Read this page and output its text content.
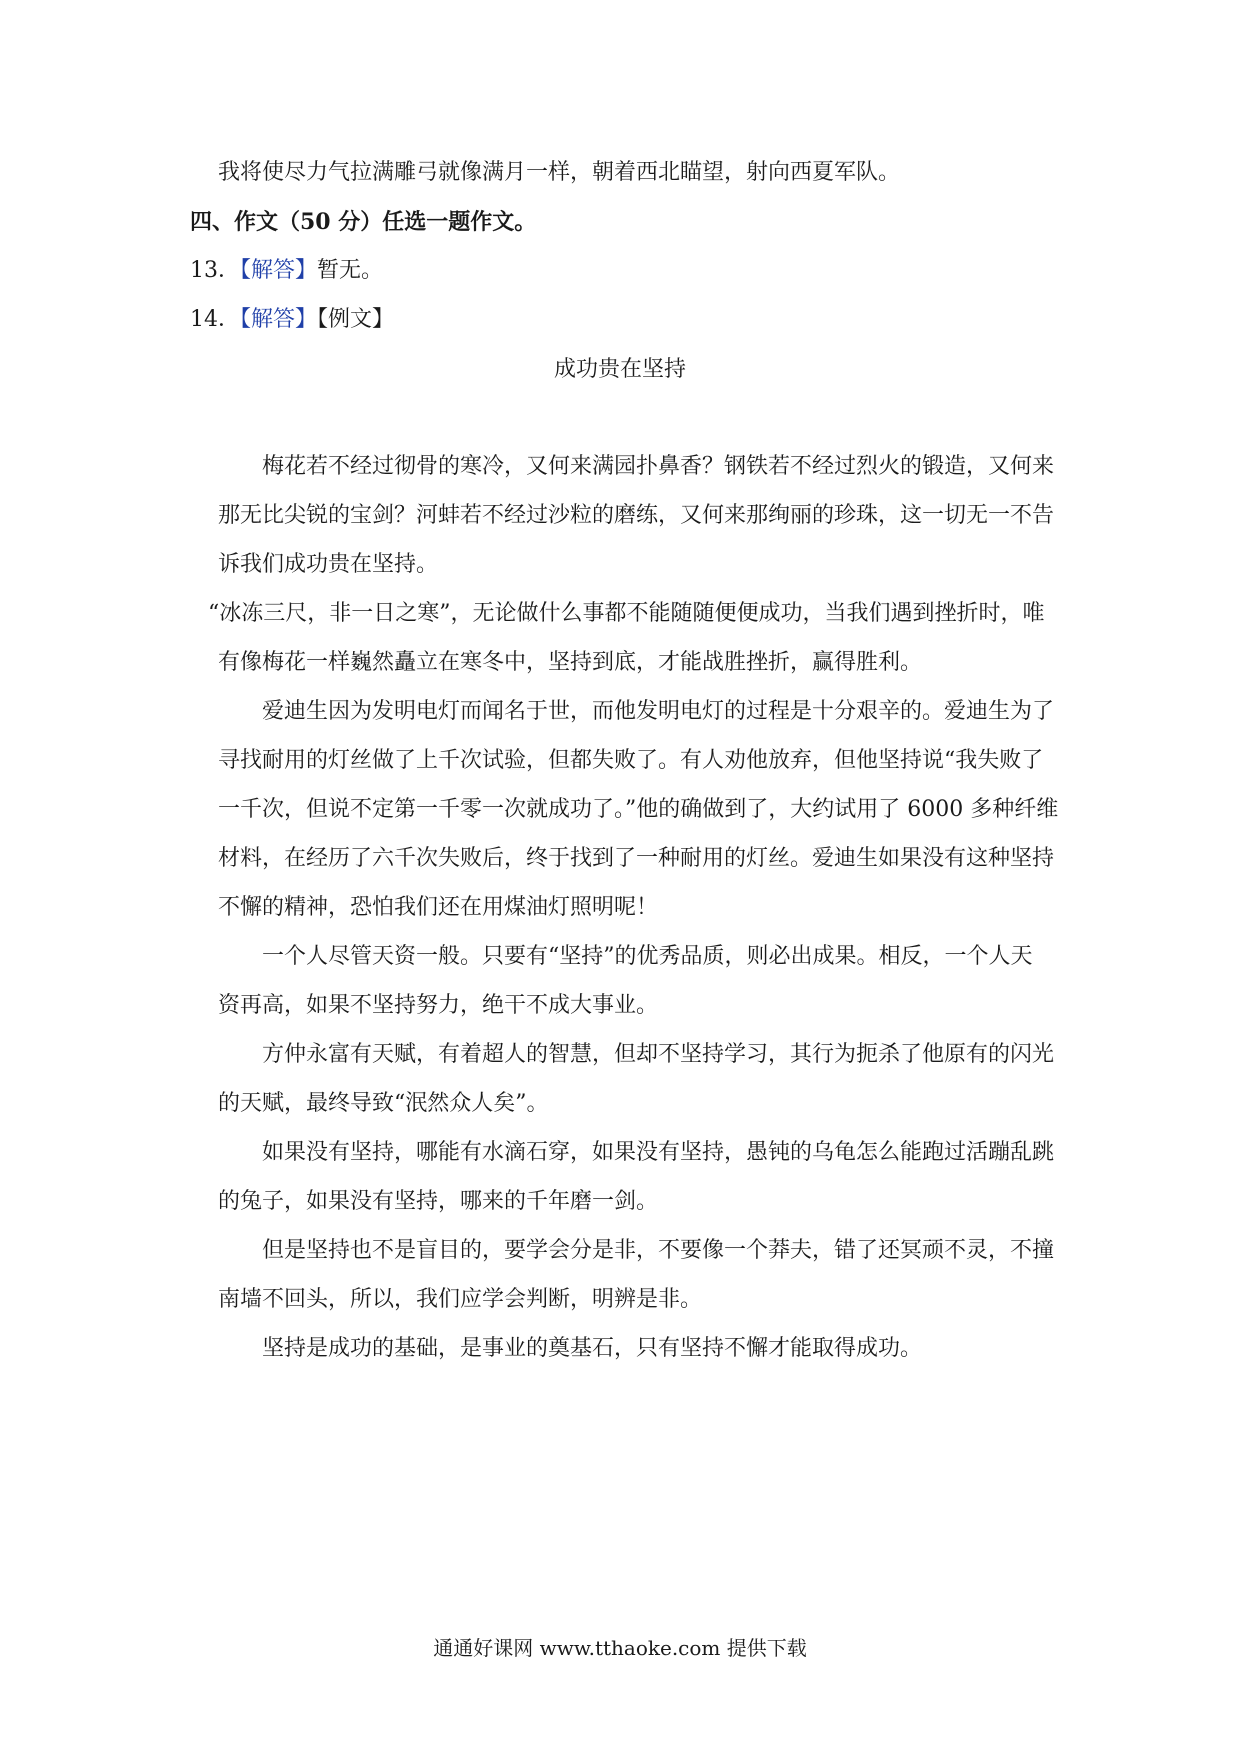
我将使尽力气拉满雕弓就像满月一样，朝着西北瞄望，射向西夏军队。
四、作文（50 分）任选一题作文。
13．【解答】暂无。
14．【解答】【例文】
成功贵在坚持
梅花若不经过彻骨的寒冷，又何来满园扑鼻香？钢铁若不经过烈火的锻造，又何来
那无比尖锐的宝剑？河蚌若不经过沙粒的磨练，又何来那绚丽的珍珠，这一切无一不告
诉我们成功贵在坚持。
“冰冻三尺，非一日之寒”，无论做什么事都不能随随便便成功，当我们遇到挫折时，唯
有像梅花一样巍然矗立在寒冬中，坚持到底，才能战胜挫折，赢得胜利。
爱迪生因为发明电灯而闻名于世，而他发明电灯的过程是十分艰辛的。爱迪生为了
寻找耐用的灯丝做了上千次试验，但都失败了。有人劝他放弃，但他坚持说“我失败了
一千次，但说不定第一千零一次就成功了。”他的确做到了，大约试用了 6000 多种纤维
材料，在经历了六千次失败后，终于找到了一种耐用的灯丝。爱迪生如果没有这种坚持
不懈的精神，恐怕我们还在用煤油灯照明呢！
一个人尽管天资一般。只要有“坚持”的优秀品质，则必出成果。相反，一个人天
资再高，如果不坚持努力，绝干不成大事业。
方仲永富有天赋，有着超人的智慧，但却不坚持学习，其行为扼杀了他原有的闪光
的天赋，最终导致“泯然众人矣”。
如果没有坚持，哪能有水滴石穿，如果没有坚持，愚钝的乌龟怎么能跑过活蹦乱跳
的兔子，如果没有坚持，哪来的千年磨一剑。
但是坚持也不是盲目的，要学会分是非，不要像一个莽夫，错了还冥顽不灵，不撞
南墙不回头，所以，我们应学会判断，明辨是非。
坚持是成功的基础，是事业的奠基石，只有坚持不懈才能取得成功。
通通好课网 www.tthaoke.com 提供下载
